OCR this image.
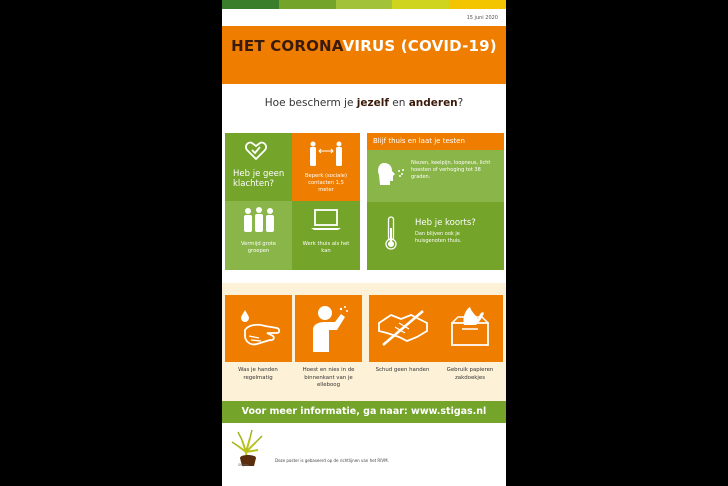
15 juni 2020
HET CORONAVIRUS (COVID-19)
Hoe bescherm je jezelf en anderen?
Heb je geen klachten?
Beperk (sociale) contacten 1,5 meter
Vermijd grote groepen
Werk thuis als het kan
Blijf thuis en laat je testen
Niezen, keelpijn, loopneus, licht hoesten of verhoging tot 38 graden.
Heb je koorts?
Dan blijven ook je huisgenoten thuis.
Was je handen regelmatig
Hoest en nies in de binnenkant van je elleboog
Schud geen handen	Gebruik papieren zakdoekjes
Voor meer informatie, ga naar: www.stigas.nl
Stigas
Deze poster is gebaseerd op de richtlijnen van het RIVM.
